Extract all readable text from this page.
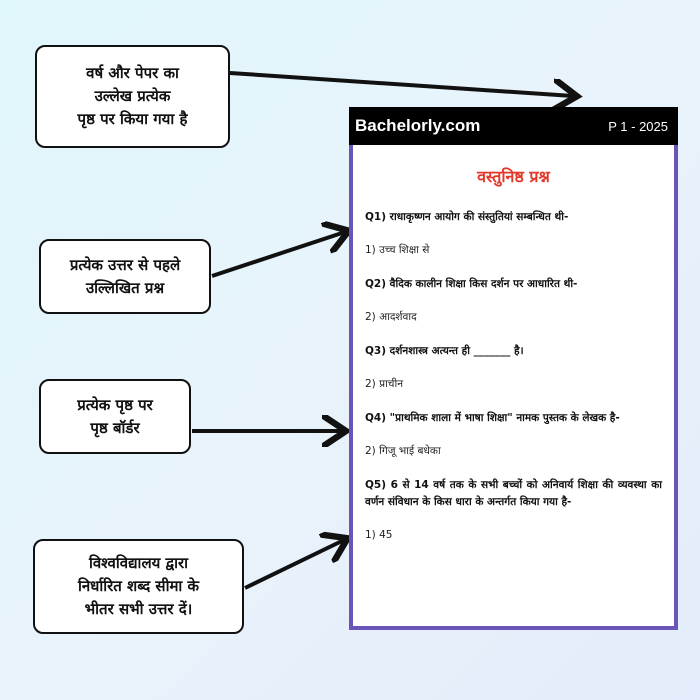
वर्ष और पेपर का
उल्लेख प्रत्येक
पृष्ठ पर किया गया है
प्रत्येक उत्तर से पहले
उल्लिखित प्रश्न
प्रत्येक पृष्ठ पर
पृष्ठ बॉर्डर
विश्वविद्यालय द्वारा
निर्धारित शब्द सीमा के
भीतर सभी उत्तर दें।
Bachelorly.com	P 1 - 2025
वस्तुनिष्ठ प्रश्न
Q1) राधाकृष्णन आयोग की संस्तुतियां सम्बन्धित थी-
1) उच्च शिक्षा से
Q2) वैदिक कालीन शिक्षा किस दर्शन पर आधारित थी-
2) आदर्शवाद
Q3) दर्शनशास्त्र अत्यन्त ही _______ है।
2) प्राचीन
Q4) "प्राथमिक शाला में भाषा शिक्षा" नामक पुस्तक के लेखक है-
2) गिजू भाई बधेका
Q5) 6 से 14 वर्ष तक के सभी बच्चों को अनिवार्य शिक्षा की व्यवस्था का वर्णन संविधान के किस धारा के अन्तर्गत किया गया है-
1) 45
